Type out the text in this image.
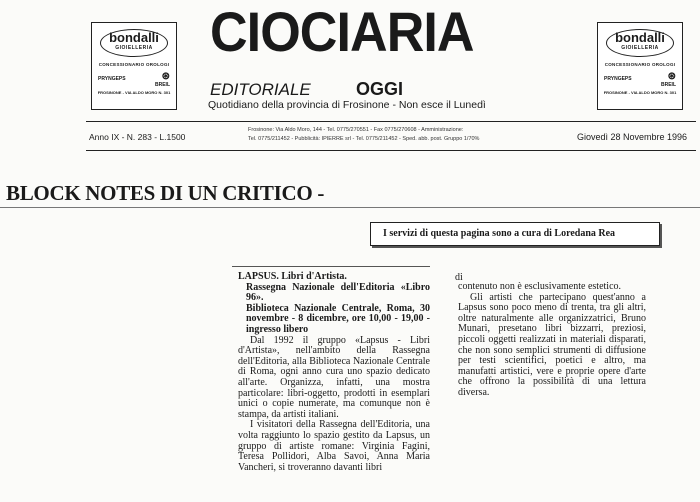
bondalli
GIOIELLERIA
CONCESSIONARIO OROLOGI
PRYNGEPS	⊛
BREIL
FROSINONE - VIA ALDO MORO N. 301
bondalli
GIOIELLERIA
CONCESSIONARIO OROLOGI
PRYNGEPS	⊛
BREIL
FROSINONE - VIA ALDO MORO N. 301
CIOCIARIA
EDITORIALE	OGGI
Quotidiano della provincia di Frosinone - Non esce il Lunedì
Anno IX - N. 283 - L.1500
Frosinone: Via Aldo Moro, 144 - Tel. 0775/270551 - Fax 0775/270608 - Amministrazione:
Tel. 0775/211452 - Pubblicità: IPIERRE srl - Tel. 0775/211452 - Sped. abb. post. Gruppo 1/70%	Giovedì 28 Novembre 1996
BLOCK NOTES DI UN CRITICO -
I servizi di questa pagina sono a cura di Loredana Rea

LAPSUS. Libri d'Artista.

Rassegna Nazionale dell'Editoria «Libro 96».

Biblioteca Nazionale Centrale, Roma, 30 novembre - 8 dicembre, ore 10,00 - 19,00 - ingresso libero

Dal 1992 il gruppo «Lapsus - Libri d'Artista», nell'ambito della Rassegna dell'Editoria, alla Biblioteca Nazionale Centrale di Roma, ogni anno cura uno spazio dedicato all'arte. Organizza, infatti, una mostra particolare: libri-oggetto, prodotti in esemplari unici o copie numerate, ma comunque non è stampa, da artisti italiani.

I visitatori della Rassegna dell'Editoria, una volta raggiunto lo spazio gestito da Lapsus, un gruppo di artiste romane: Virginia Fagini, Teresa Pollidori, Alba Savoi, Anna Maria Vancheri, si troveranno davanti libri

di

contenuto non è esclusivamente estetico.

Gli artisti che partecipano quest'anno a Lapsus sono poco meno di trenta, tra gli altri, oltre naturalmente alle organizzatrici, Bruno Munari, presetano libri bizzarri, preziosi, piccoli oggetti realizzati in materiali disparati, che non sono semplici strumenti di diffusione per testi scientifici, poetici e altro, ma manufatti artistici, vere e proprie opere d'arte che offrono la possibilità di una lettura diversa.
